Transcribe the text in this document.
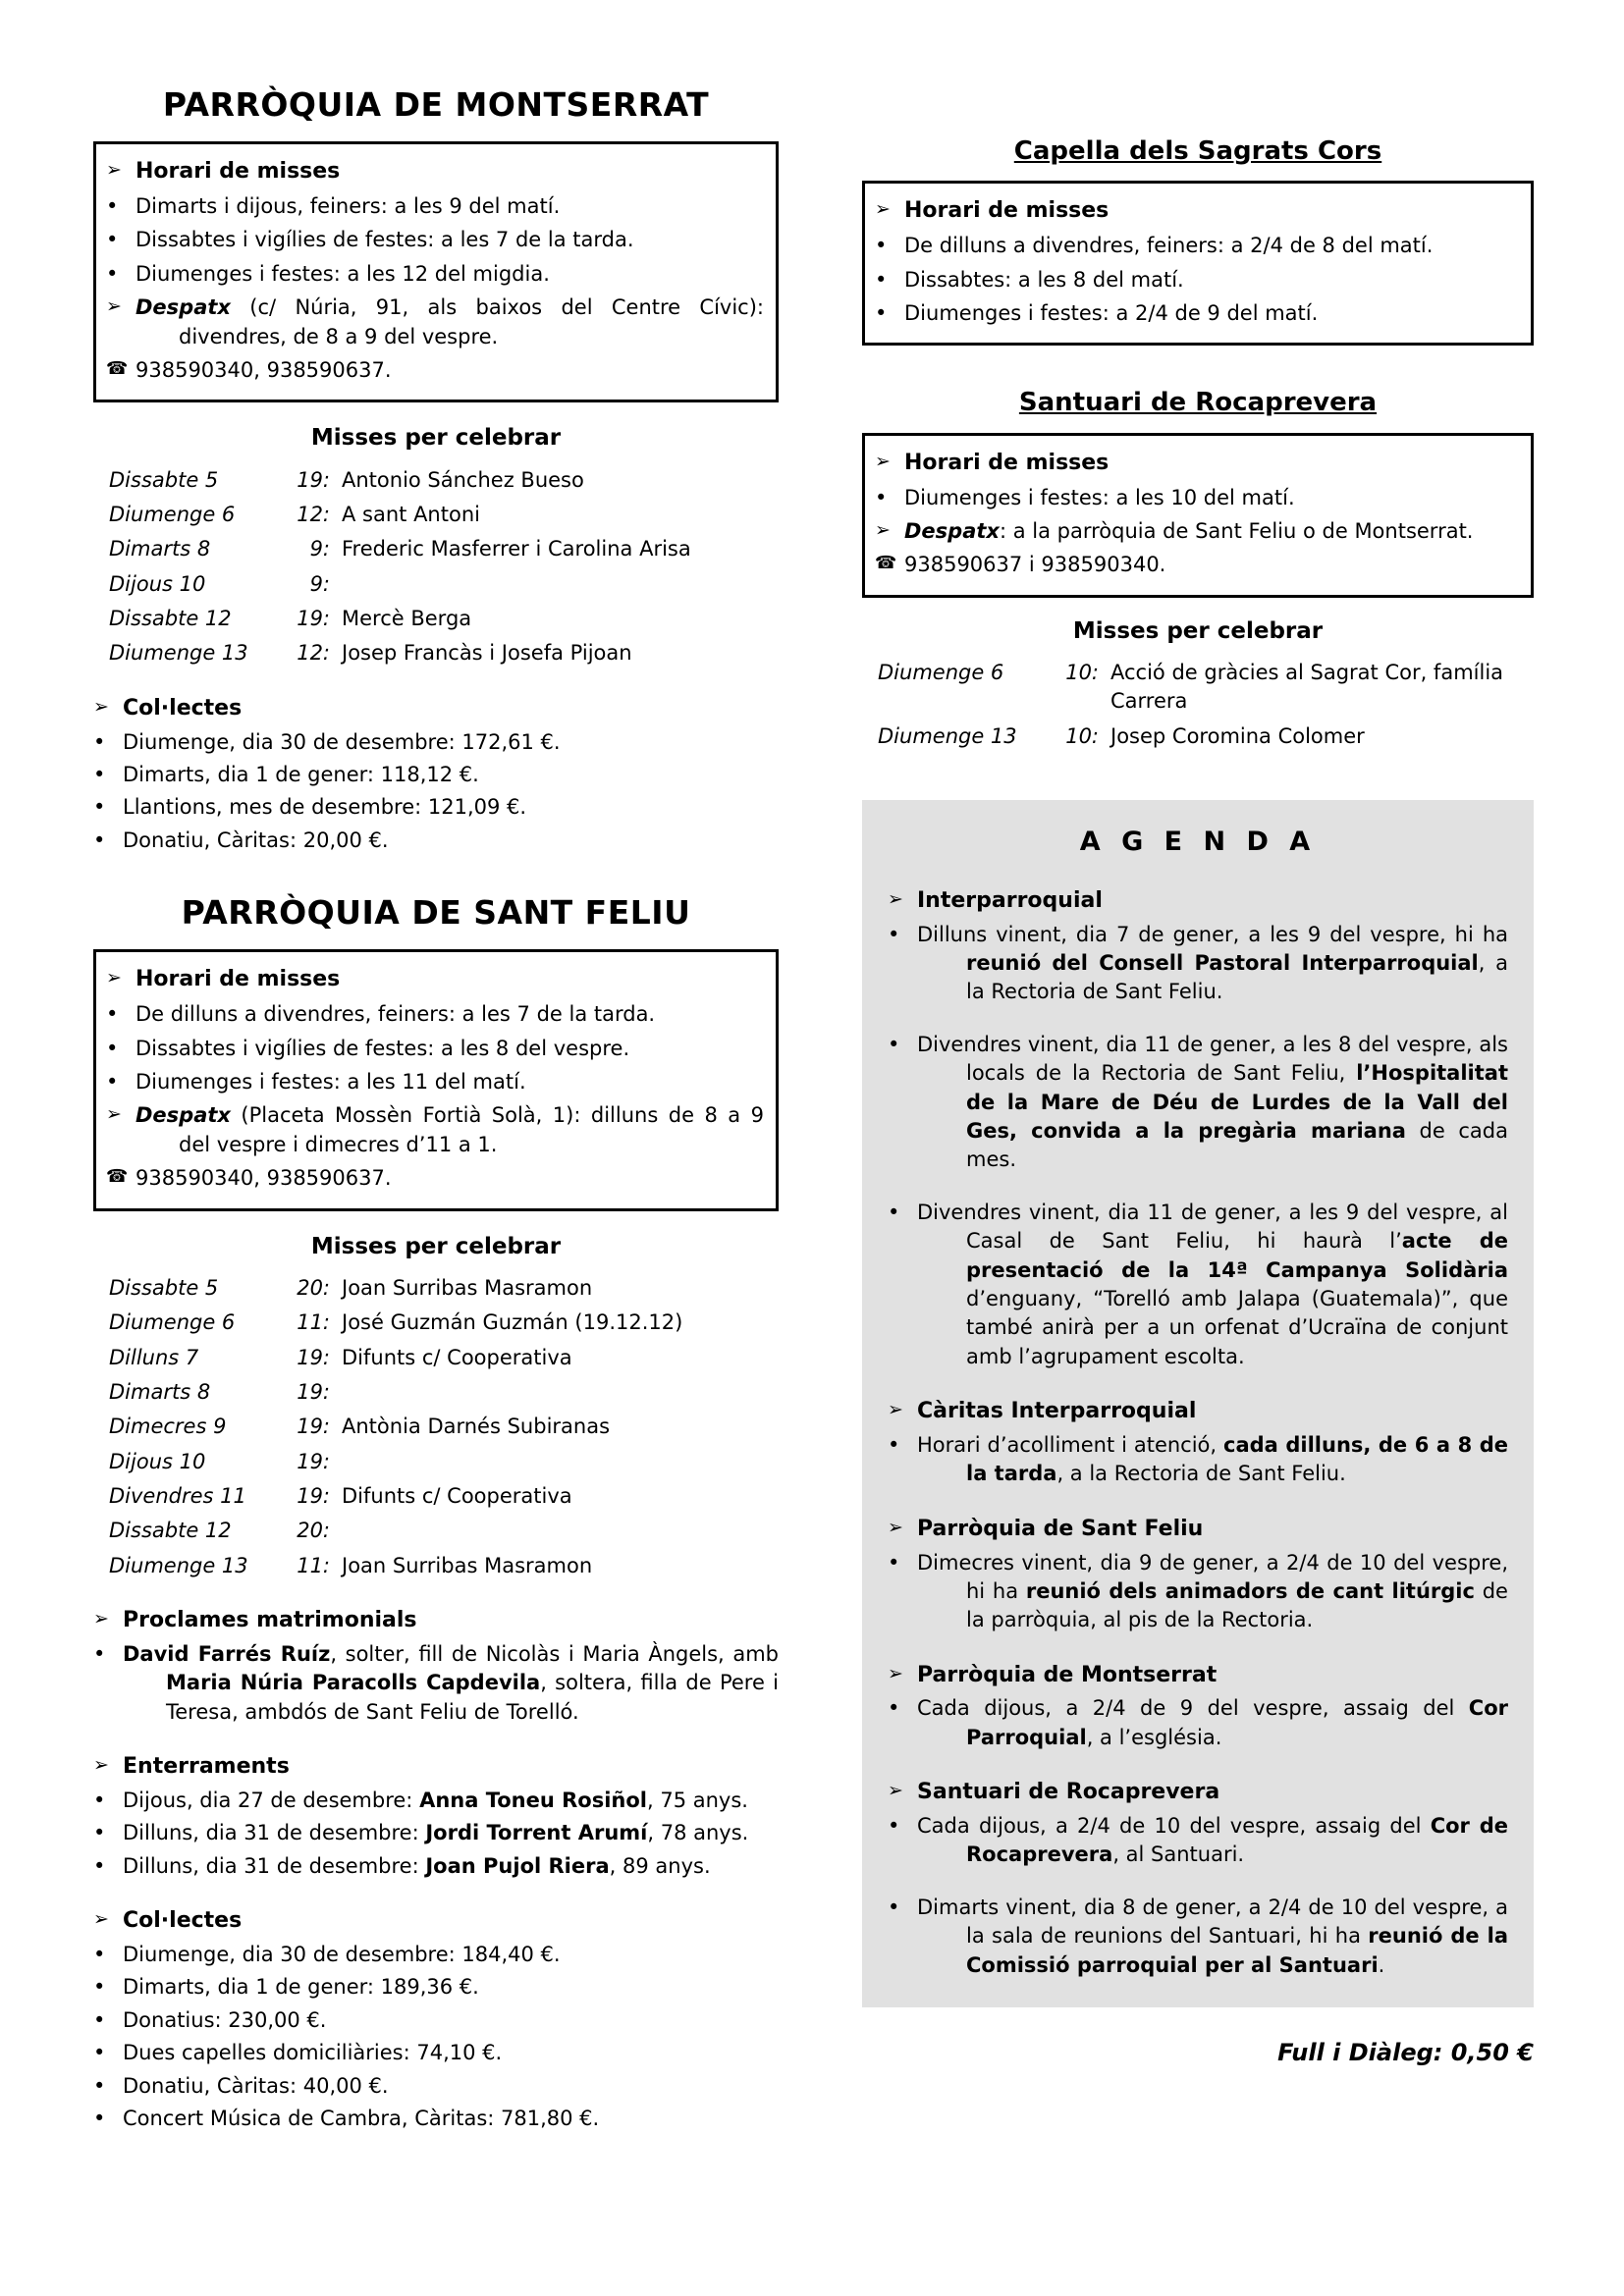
PARRÒQUIA DE MONTSERRAT
➢ Horari de misses
• Dimarts i dijous, feiners: a les 9 del matí.
• Dissabtes i vigílies de festes: a les 7 de la tarda.
• Diumenges i festes: a les 12 del migdia.
➢ Despatx (c/ Núria, 91, als baixos del Centre Cívic): divendres, de 8 a 9 del vespre.
☎ 938590340, 938590637.
Misses per celebrar
Dissabte 5	19: Antonio Sánchez Bueso
Diumenge 6	12: A sant Antoni
Dimarts 8	9: Frederic Masferrer i Carolina Arisa
Dijous 10	9:
Dissabte 12	19: Mercè Berga
Diumenge 13	12: Josep Francàs i Josefa Pijoan
➢ Col·lectes
• Diumenge, dia 30 de desembre: 172,61 €.
• Dimarts, dia 1 de gener: 118,12 €.
• Llantions, mes de desembre: 121,09 €.
• Donatiu, Càritas: 20,00 €.
PARRÒQUIA DE SANT FELIU
➢ Horari de misses
• De dilluns a divendres, feiners: a les 7 de la tarda.
• Dissabtes i vigílies de festes: a les 8 del vespre.
• Diumenges i festes: a les 11 del matí.
➢ Despatx (Placeta Mossèn Fortià Solà, 1): dilluns de 8 a 9 del vespre i dimecres d’11 a 1.
☎ 938590340, 938590637.
Misses per celebrar
Dissabte 5	20: Joan Surribas Masramon
Diumenge 6	11: José Guzmán Guzmán (19.12.12)
Dilluns 7	19: Difunts c/ Cooperativa
Dimarts 8	19:
Dimecres 9	19: Antònia Darnés Subiranas
Dijous 10	19:
Divendres 11	19: Difunts c/ Cooperativa
Dissabte 12	20:
Diumenge 13	11: Joan Surribas Masramon
➢ Proclames matrimonials
• David Farrés Ruíz, solter, fill de Nicolàs i Maria Àngels, amb Maria Núria Paracolls Capdevila, soltera, filla de Pere i Teresa, ambdós de Sant Feliu de Torelló.
➢ Enterraments
• Dijous, dia 27 de desembre: Anna Toneu Rosiñol, 75 anys.
• Dilluns, dia 31 de desembre: Jordi Torrent Arumí, 78 anys.
• Dilluns, dia 31 de desembre: Joan Pujol Riera, 89 anys.
➢ Col·lectes
• Diumenge, dia 30 de desembre: 184,40 €.
• Dimarts, dia 1 de gener: 189,36 €.
• Donatius: 230,00 €.
• Dues capelles domiciliàries: 74,10 €.
• Donatiu, Càritas: 40,00 €.
• Concert Música de Cambra, Càritas: 781,80 €.
Capella dels Sagrats Cors
➢ Horari de misses
• De dilluns a divendres, feiners: a 2/4 de 8 del matí.
• Dissabtes: a les 8 del matí.
• Diumenges i festes: a 2/4 de 9 del matí.
Santuari de Rocaprevera
➢ Horari de misses
• Diumenges i festes: a les 10 del matí.
➢ Despatx: a la parròquia de Sant Feliu o de Montserrat.
☎ 938590637 i 938590340.
Misses per celebrar
Diumenge 6	10: Acció de gràcies al Sagrat Cor, família Carrera
Diumenge 13	10: Josep Coromina Colomer
A G E N D A
➢ Interparroquial
• Dilluns vinent, dia 7 de gener, a les 9 del vespre, hi ha reunió del Consell Pastoral Interparroquial, a la Rectoria de Sant Feliu.
• Divendres vinent, dia 11 de gener, a les 8 del vespre, als locals de la Rectoria de Sant Feliu, l’Hospitalitat de la Mare de Déu de Lurdes de la Vall del Ges, convida a la pregària mariana de cada mes.
• Divendres vinent, dia 11 de gener, a les 9 del vespre, al Casal de Sant Feliu, hi haurà l’acte de presentació de la 14ª Campanya Solidària d’enguany, “Torelló amb Jalapa (Guatemala)”, que també anirà per a un orfenat d’Ucraïna de conjunt amb l’agrupament escolta.
➢ Càritas Interparroquial
• Horari d’acolliment i atenció, cada dilluns, de 6 a 8 de la tarda, a la Rectoria de Sant Feliu.
➢ Parròquia de Sant Feliu
• Dimecres vinent, dia 9 de gener, a 2/4 de 10 del vespre, hi ha reunió dels animadors de cant litúrgic de la parròquia, al pis de la Rectoria.
➢ Parròquia de Montserrat
• Cada dijous, a 2/4 de 9 del vespre, assaig del Cor Parroquial, a l’església.
➢ Santuari de Rocaprevera
• Cada dijous, a 2/4 de 10 del vespre, assaig del Cor de Rocaprevera, al Santuari.
• Dimarts vinent, dia 8 de gener, a 2/4 de 10 del vespre, a la sala de reunions del Santuari, hi ha reunió de la Comissió parroquial per al Santuari.
Full i Diàleg: 0,50 €
